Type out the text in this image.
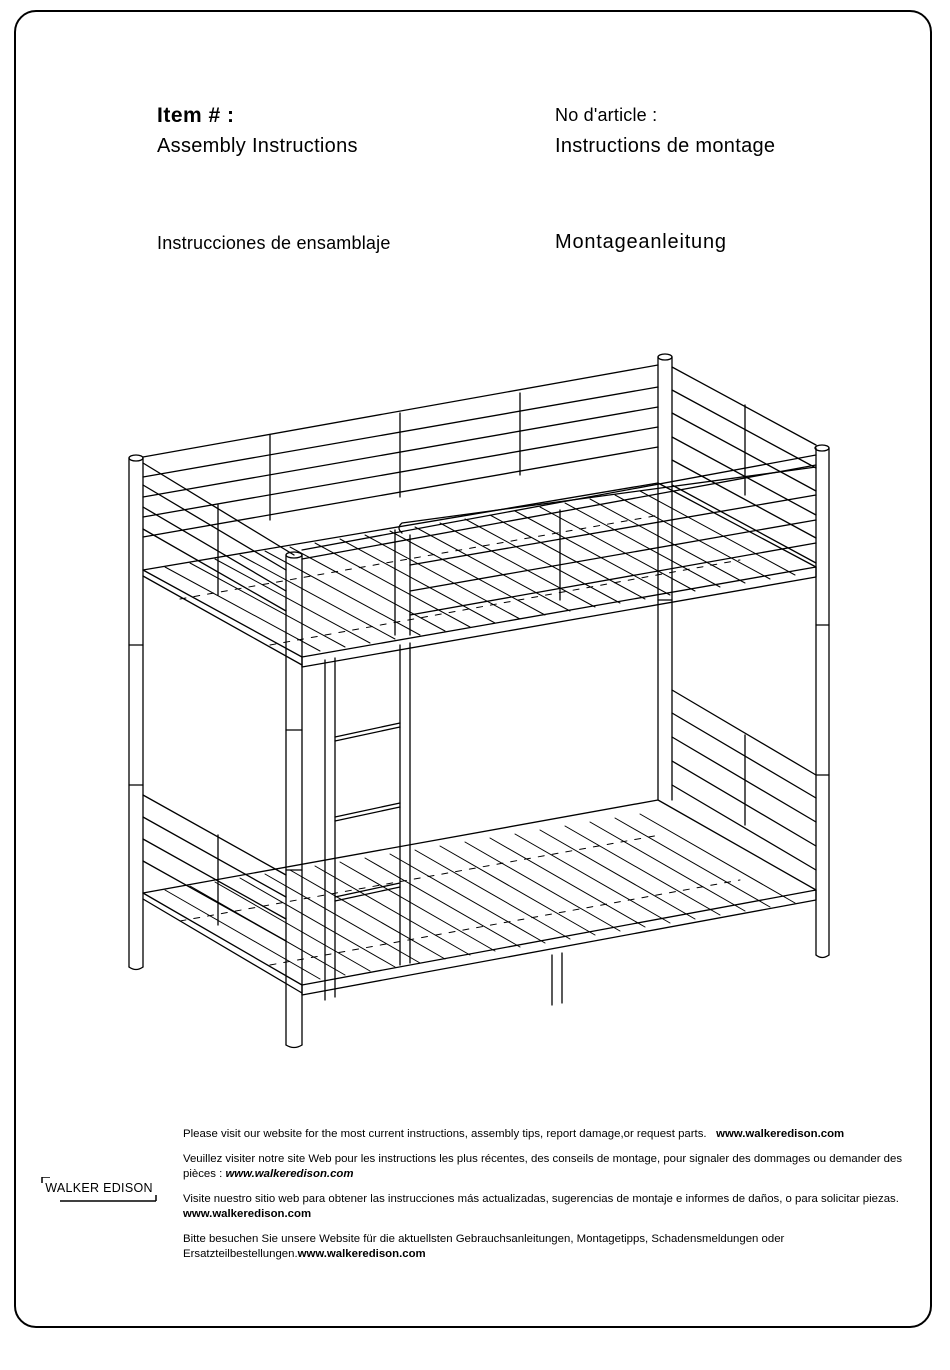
Item # :
Assembly Instructions
No d'article :
Instructions de montage
Instrucciones de ensamblaje	Montageanleitung
WALKER EDISON

Please visit our website for the most current instructions, assembly tips, report damage,or request parts. www.walkeredison.com

Veuillez visiter notre site Web pour les instructions les plus récentes, des conseils de montage, pour signaler des dommages ou demander des pièces : www.walkeredison.com

Visite nuestro sitio web para obtener las instrucciones más actualizadas, sugerencias de montaje e informes de daños, o para solicitar piezas. www.walkeredison.com

Bitte besuchen Sie unsere Website für die aktuellsten Gebrauchsanleitungen, Montagetipps, Schadensmeldungen oder Ersatzteilbestellungen.www.walkeredison.com
